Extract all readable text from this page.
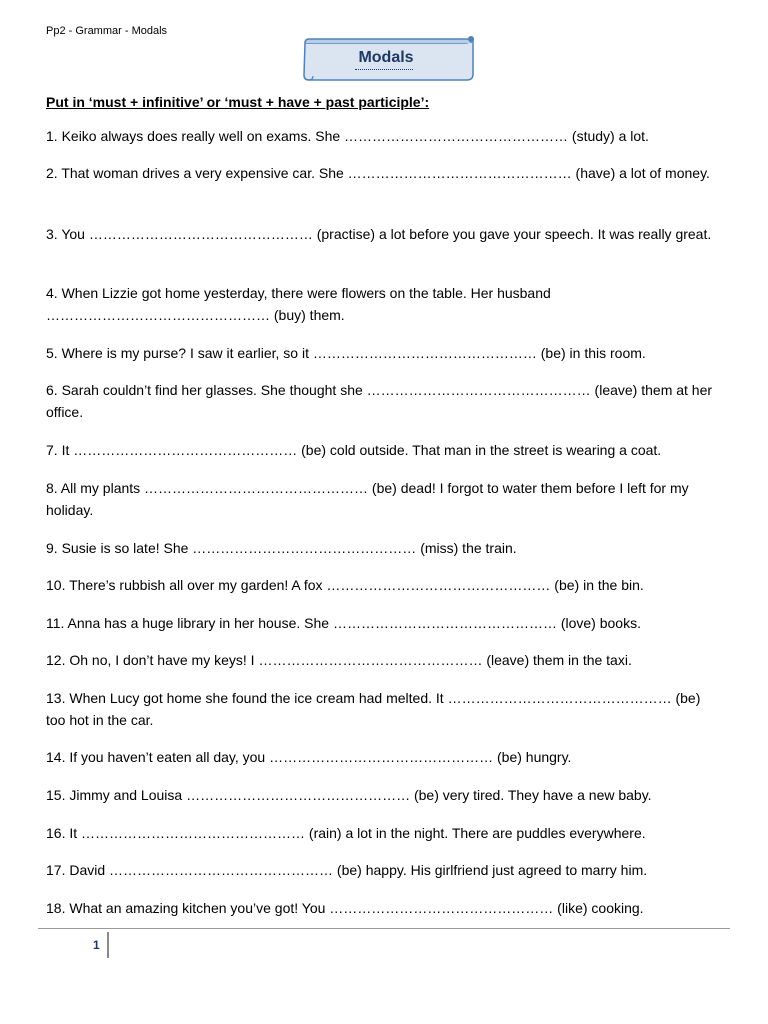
Pp2 - Grammar - Modals
Modals
Put in ‘must + infinitive’ or ‘must + have + past participle’:
1. Keiko always does really well on exams. She ………………………………………… (study) a lot.
2. That woman drives a very expensive car. She ………………………………………… (have) a lot of money.
3. You ………………………………………… (practise) a lot before you gave your speech. It was really great.
4. When Lizzie got home yesterday, there were flowers on the table. Her husband ………………………………………… (buy) them.
5. Where is my purse? I saw it earlier, so it ………………………………………… (be) in this room.
6. Sarah couldn’t find her glasses. She thought she ………………………………………… (leave) them at her office.
7. It ………………………………………… (be) cold outside. That man in the street is wearing a coat.
8. All my plants ………………………………………… (be) dead! I forgot to water them before I left for my holiday.
9. Susie is so late! She ………………………………………… (miss) the train.
10. There’s rubbish all over my garden! A fox ………………………………………… (be) in the bin.
11. Anna has a huge library in her house. She ………………………………………… (love) books.
12. Oh no, I don’t have my keys! I ………………………………………… (leave) them in the taxi.
13. When Lucy got home she found the ice cream had melted. It ………………………………………… (be) too hot in the car.
14. If you haven’t eaten all day, you ………………………………………… (be) hungry.
15. Jimmy and Louisa ………………………………………… (be) very tired. They have a new baby.
16. It ………………………………………… (rain) a lot in the night. There are puddles everywhere.
17. David ………………………………………… (be) happy. His girlfriend just agreed to marry him.
18. What an amazing kitchen you’ve got! You ………………………………………… (like) cooking.
1
